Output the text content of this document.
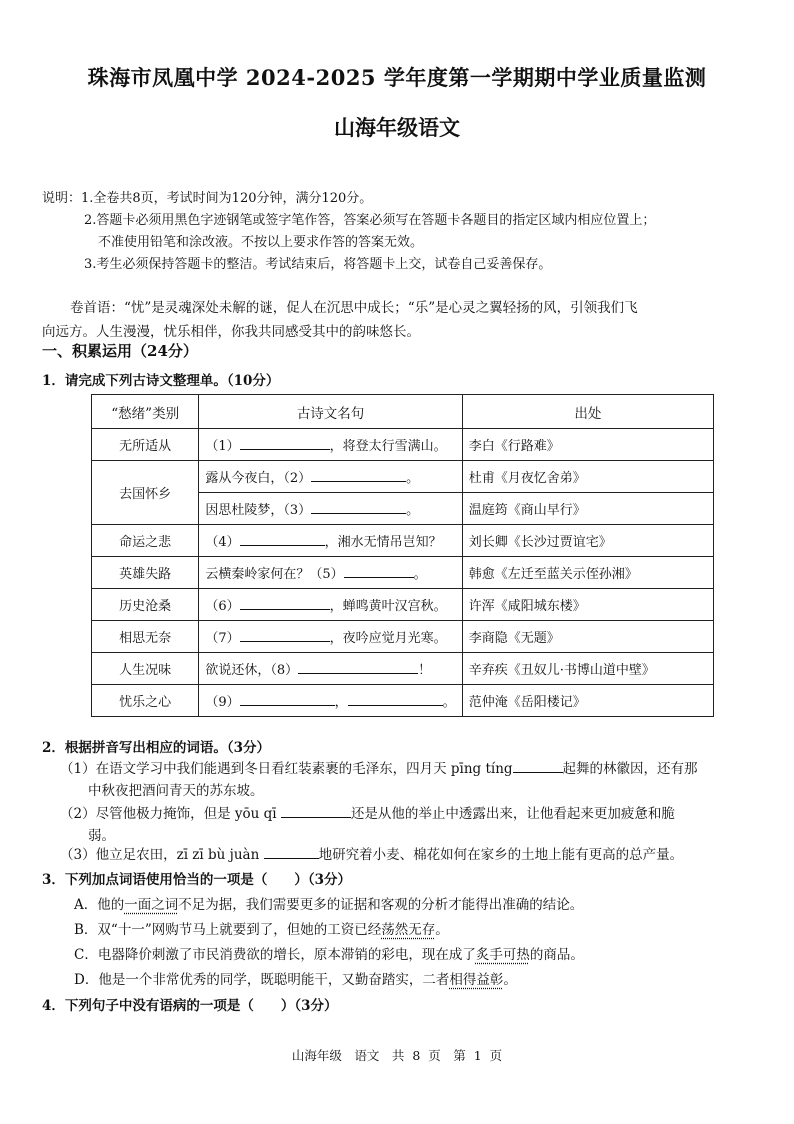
珠海市凤凰中学 2024-2025 学年度第一学期期中学业质量监测
山海年级语文
说明：1.全卷共8页，考试时间为120分钟，满分120分。
2.答题卡必须用黑色字迹钢笔或签字笔作答，答案必须写在答题卡各题目的指定区域内相应位置上；
不准使用铅笔和涂改液。不按以上要求作答的答案无效。
3.考生必须保持答题卡的整洁。考试结束后，将答题卡上交，试卷自己妥善保存。
卷首语：“忧”是灵魂深处未解的谜，促人在沉思中成长；“乐”是心灵之翼轻扬的风，引领我们飞
向远方。人生漫漫，忧乐相伴，你我共同感受其中的韵味悠长。
一、积累运用（24分）
1．请完成下列古诗文整理单。（10分）
“愁绪”类别	古诗文名句	出处
无所适从	（1） ，将登太行雪满山。	李白《行路难》
去国怀乡	露从今夜白，（2） 。	杜甫《月夜忆舍弟》
	因思杜陵梦，（3） 。	温庭筠《商山早行》
命运之悲	（4） ，湘水无情吊岂知？	刘长卿《长沙过贾谊宅》
英雄失路	云横秦岭家何在？（5） 。	韩愈《左迁至蓝关示侄孙湘》
历史沧桑	（6） ，蝉鸣黄叶汉宫秋。	许浑《咸阳城东楼》
相思无奈	（7） ，夜吟应觉月光寒。	李商隐《无题》
人生况味	欲说还休，（8） ！	辛弃疾《丑奴儿·书博山道中壁》
忧乐之心	（9） ， 。	范仲淹《岳阳楼记》
2．根据拼音写出相应的词语。（3分）
（1）在语文学习中我们能遇到冬日看红装素裹的毛泽东，四月天 pīng tíng	起舞的林徽因，还有那
中秋夜把酒问青天的苏东坡。
（2）尽管他极力掩饰，但是 yōu qī	还是从他的举止中透露出来，让他看起来更加疲惫和脆
弱。
（3）他立足农田，zī zī bù juàn	地研究着小麦、棉花如何在家乡的土地上能有更高的总产量。
3．下列加点词语使用恰当的一项是（　　）（3分）
A．他的一面之词不足为据，我们需要更多的证据和客观的分析才能得出准确的结论。
B．双“十一”网购节马上就要到了，但她的工资已经荡然无存。
C．电器降价刺激了市民消费欲的增长，原本滞销的彩电，现在成了炙手可热的商品。
D．他是一个非常优秀的同学，既聪明能干，又勤奋踏实，二者相得益彰。
4．下列句子中没有语病的一项是（　　）（3分）
山海年级　语文　共 8 页　第 1 页
